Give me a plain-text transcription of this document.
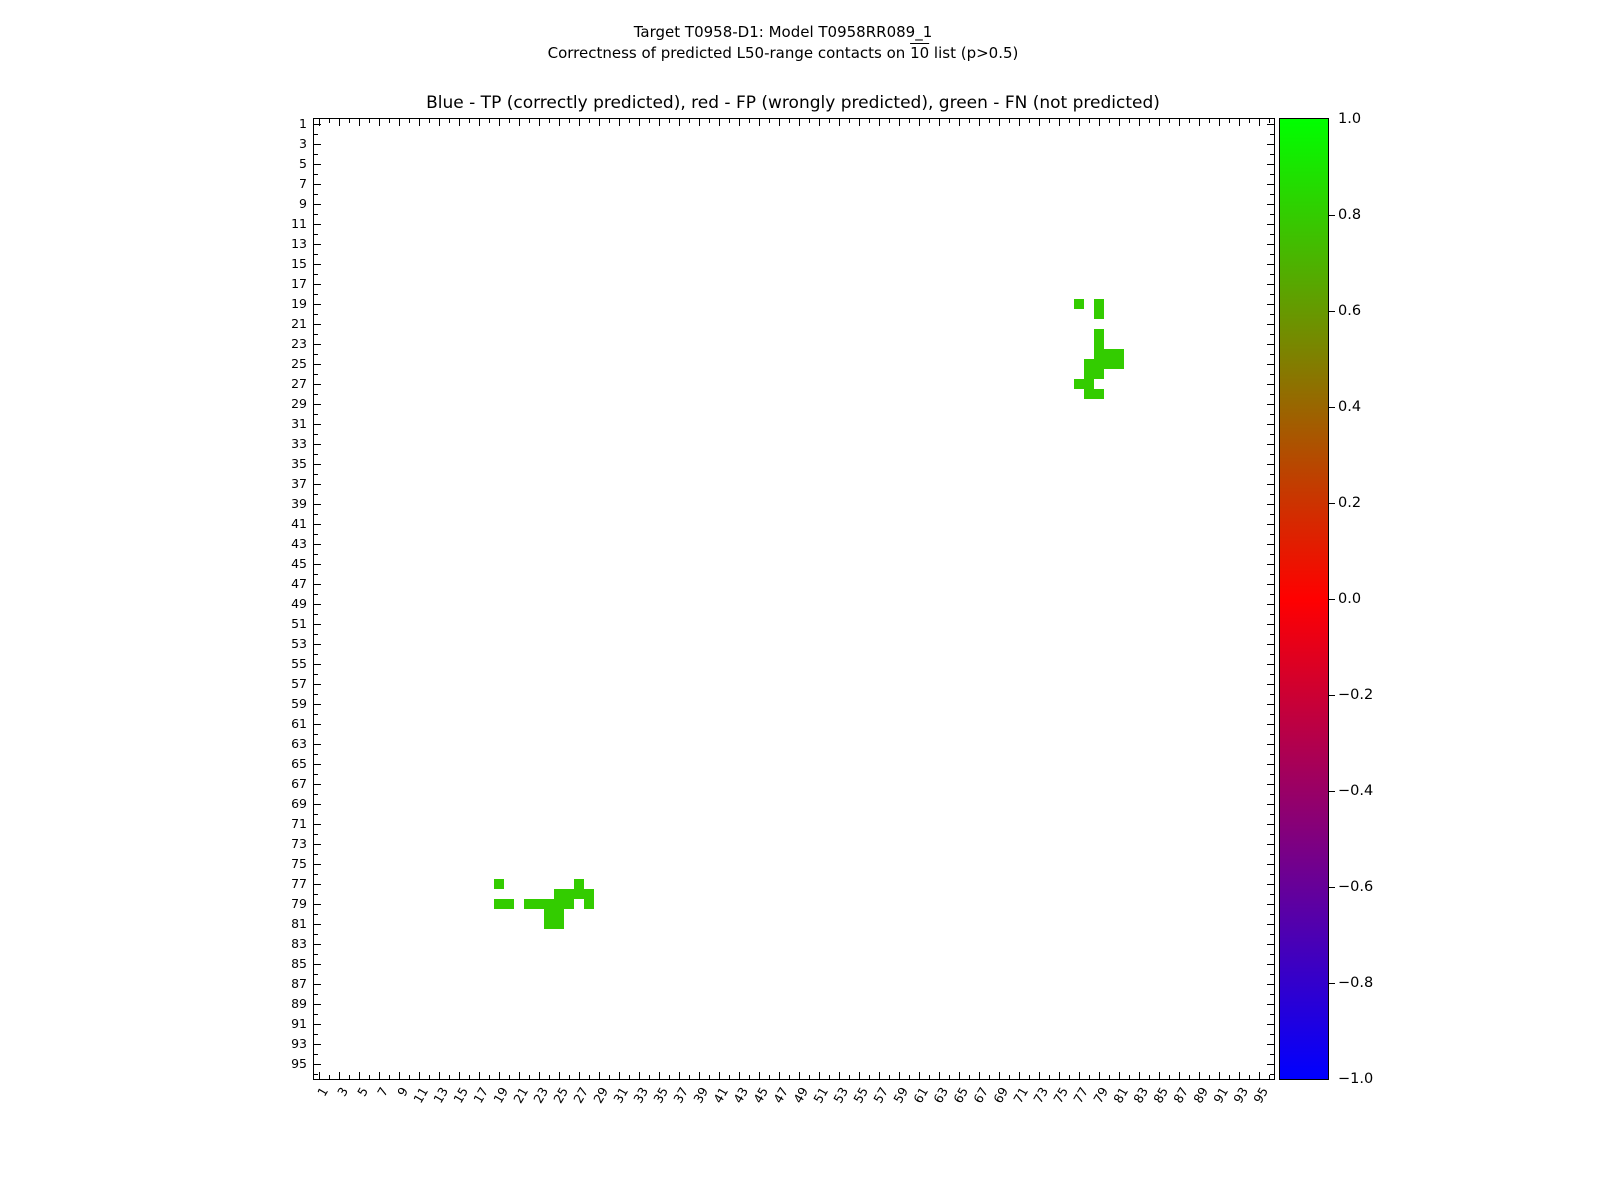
Target T0958-D1: Model T0958RR089_1
Correctness of predicted L50-range contacts on 10 list (p>0.5)
Blue - TP (correctly predicted), red - FP (wrongly predicted), green - FN (not predicted)
1
3
5
7
9
11
13
15
17
19
21
23
25
27
29
31
33
35
37
39
41
43
45
47
49
51
53
55
57
59
61
63
65
67
69
71
73
75
77
79
81
83
85
87
89
91
93
95
1 3 5 7 9 11 13 15 17 19 21 23 25 27 29 31 33 35 37 39 41 43 45 47 49 51 53 55 57 59 61 63 65 67 69 71 73 75 77 79 81 83 85 87 89 91 93 95
1.0
0.8
0.6
0.4
0.2
0.0
−0.2
−0.4
−0.6
−0.8
−1.0
